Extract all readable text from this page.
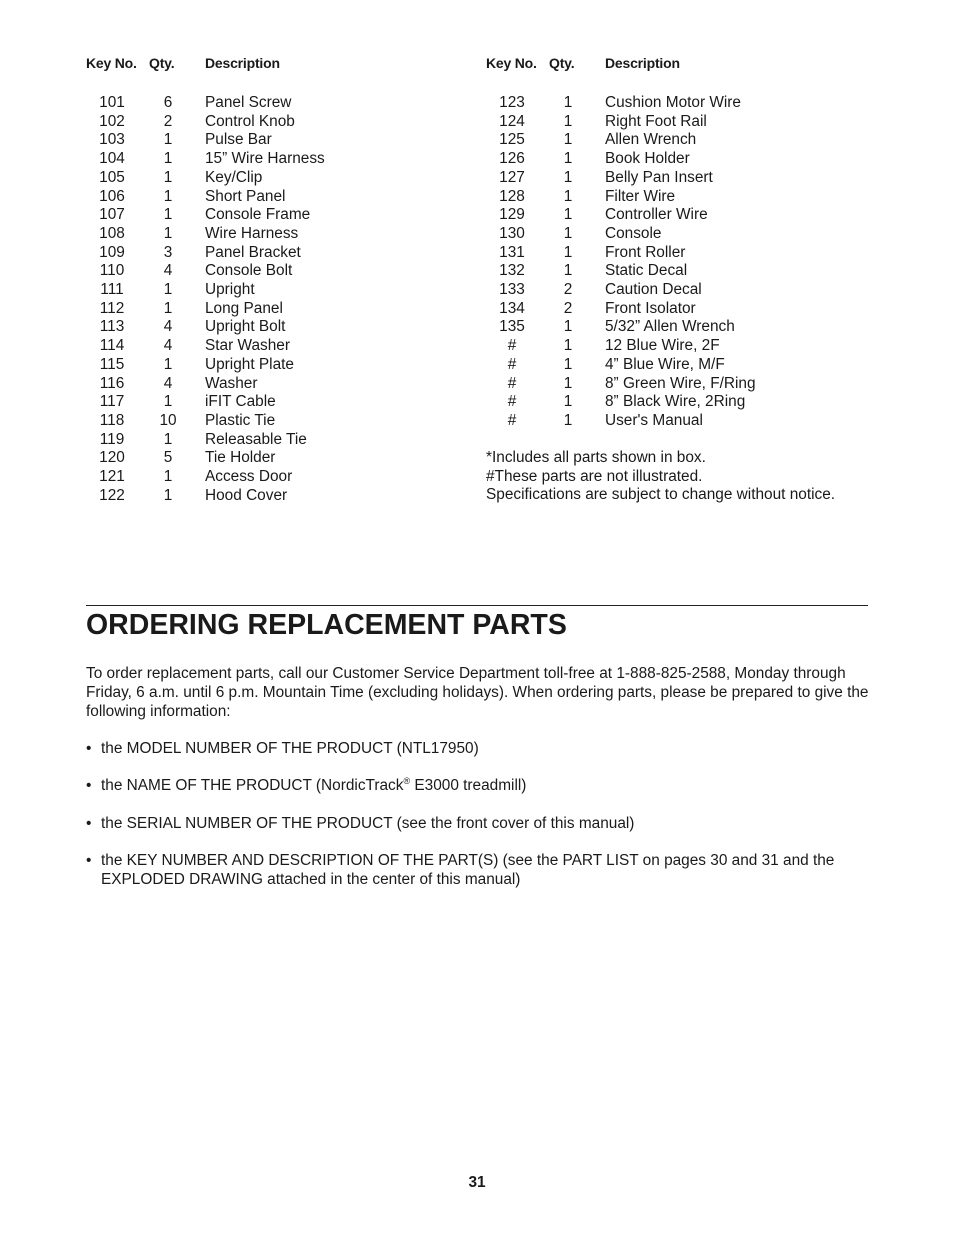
Key No. Qty. Description	Key No. Qty. Description
101	6	Panel Screw
102	2	Control Knob
103	1	Pulse Bar
104	1	15” Wire Harness
105	1	Key/Clip
106	1	Short Panel
107	1	Console Frame
108	1	Wire Harness
109	3	Panel Bracket
110	4	Console Bolt
111	1	Upright
112	1	Long Panel
113	4	Upright Bolt
114	4	Star Washer
115	1	Upright Plate
116	4	Washer
117	1	iFIT Cable
118	10	Plastic Tie
119	1	Releasable Tie
120	5	Tie Holder
121	1	Access Door
122	1	Hood Cover
123	1	Cushion Motor Wire
124	1	Right Foot Rail
125	1	Allen Wrench
126	1	Book Holder
127	1	Belly Pan Insert
128	1	Filter Wire
129	1	Controller Wire
130	1	Console
131	1	Front Roller
132	1	Static Decal
133	2	Caution Decal
134	2	Front Isolator
135	1	5/32” Allen Wrench
#	1	12 Blue Wire, 2F
#	1	4” Blue Wire, M/F
#	1	8” Green Wire, F/Ring
#	1	8” Black Wire, 2Ring
#	1	User's Manual
*Includes all parts shown in box.
#These parts are not illustrated.
Specifications are subject to change without notice.
ORDERING REPLACEMENT PARTS

To order replacement parts, call our Customer Service Department toll-free at 1-888-825-2588, Monday through Friday, 6 a.m. until 6 p.m. Mountain Time (excluding holidays). When ordering parts, please be prepared to give the following information:

• the MODEL NUMBER OF THE PRODUCT (NTL17950)
• the NAME OF THE PRODUCT (NordicTrack® E3000 treadmill)
• the SERIAL NUMBER OF THE PRODUCT (see the front cover of this manual)
• the KEY NUMBER AND DESCRIPTION OF THE PART(S) (see the PART LIST on pages 30 and 31 and the EXPLODED DRAWING attached in the center of this manual)
31
